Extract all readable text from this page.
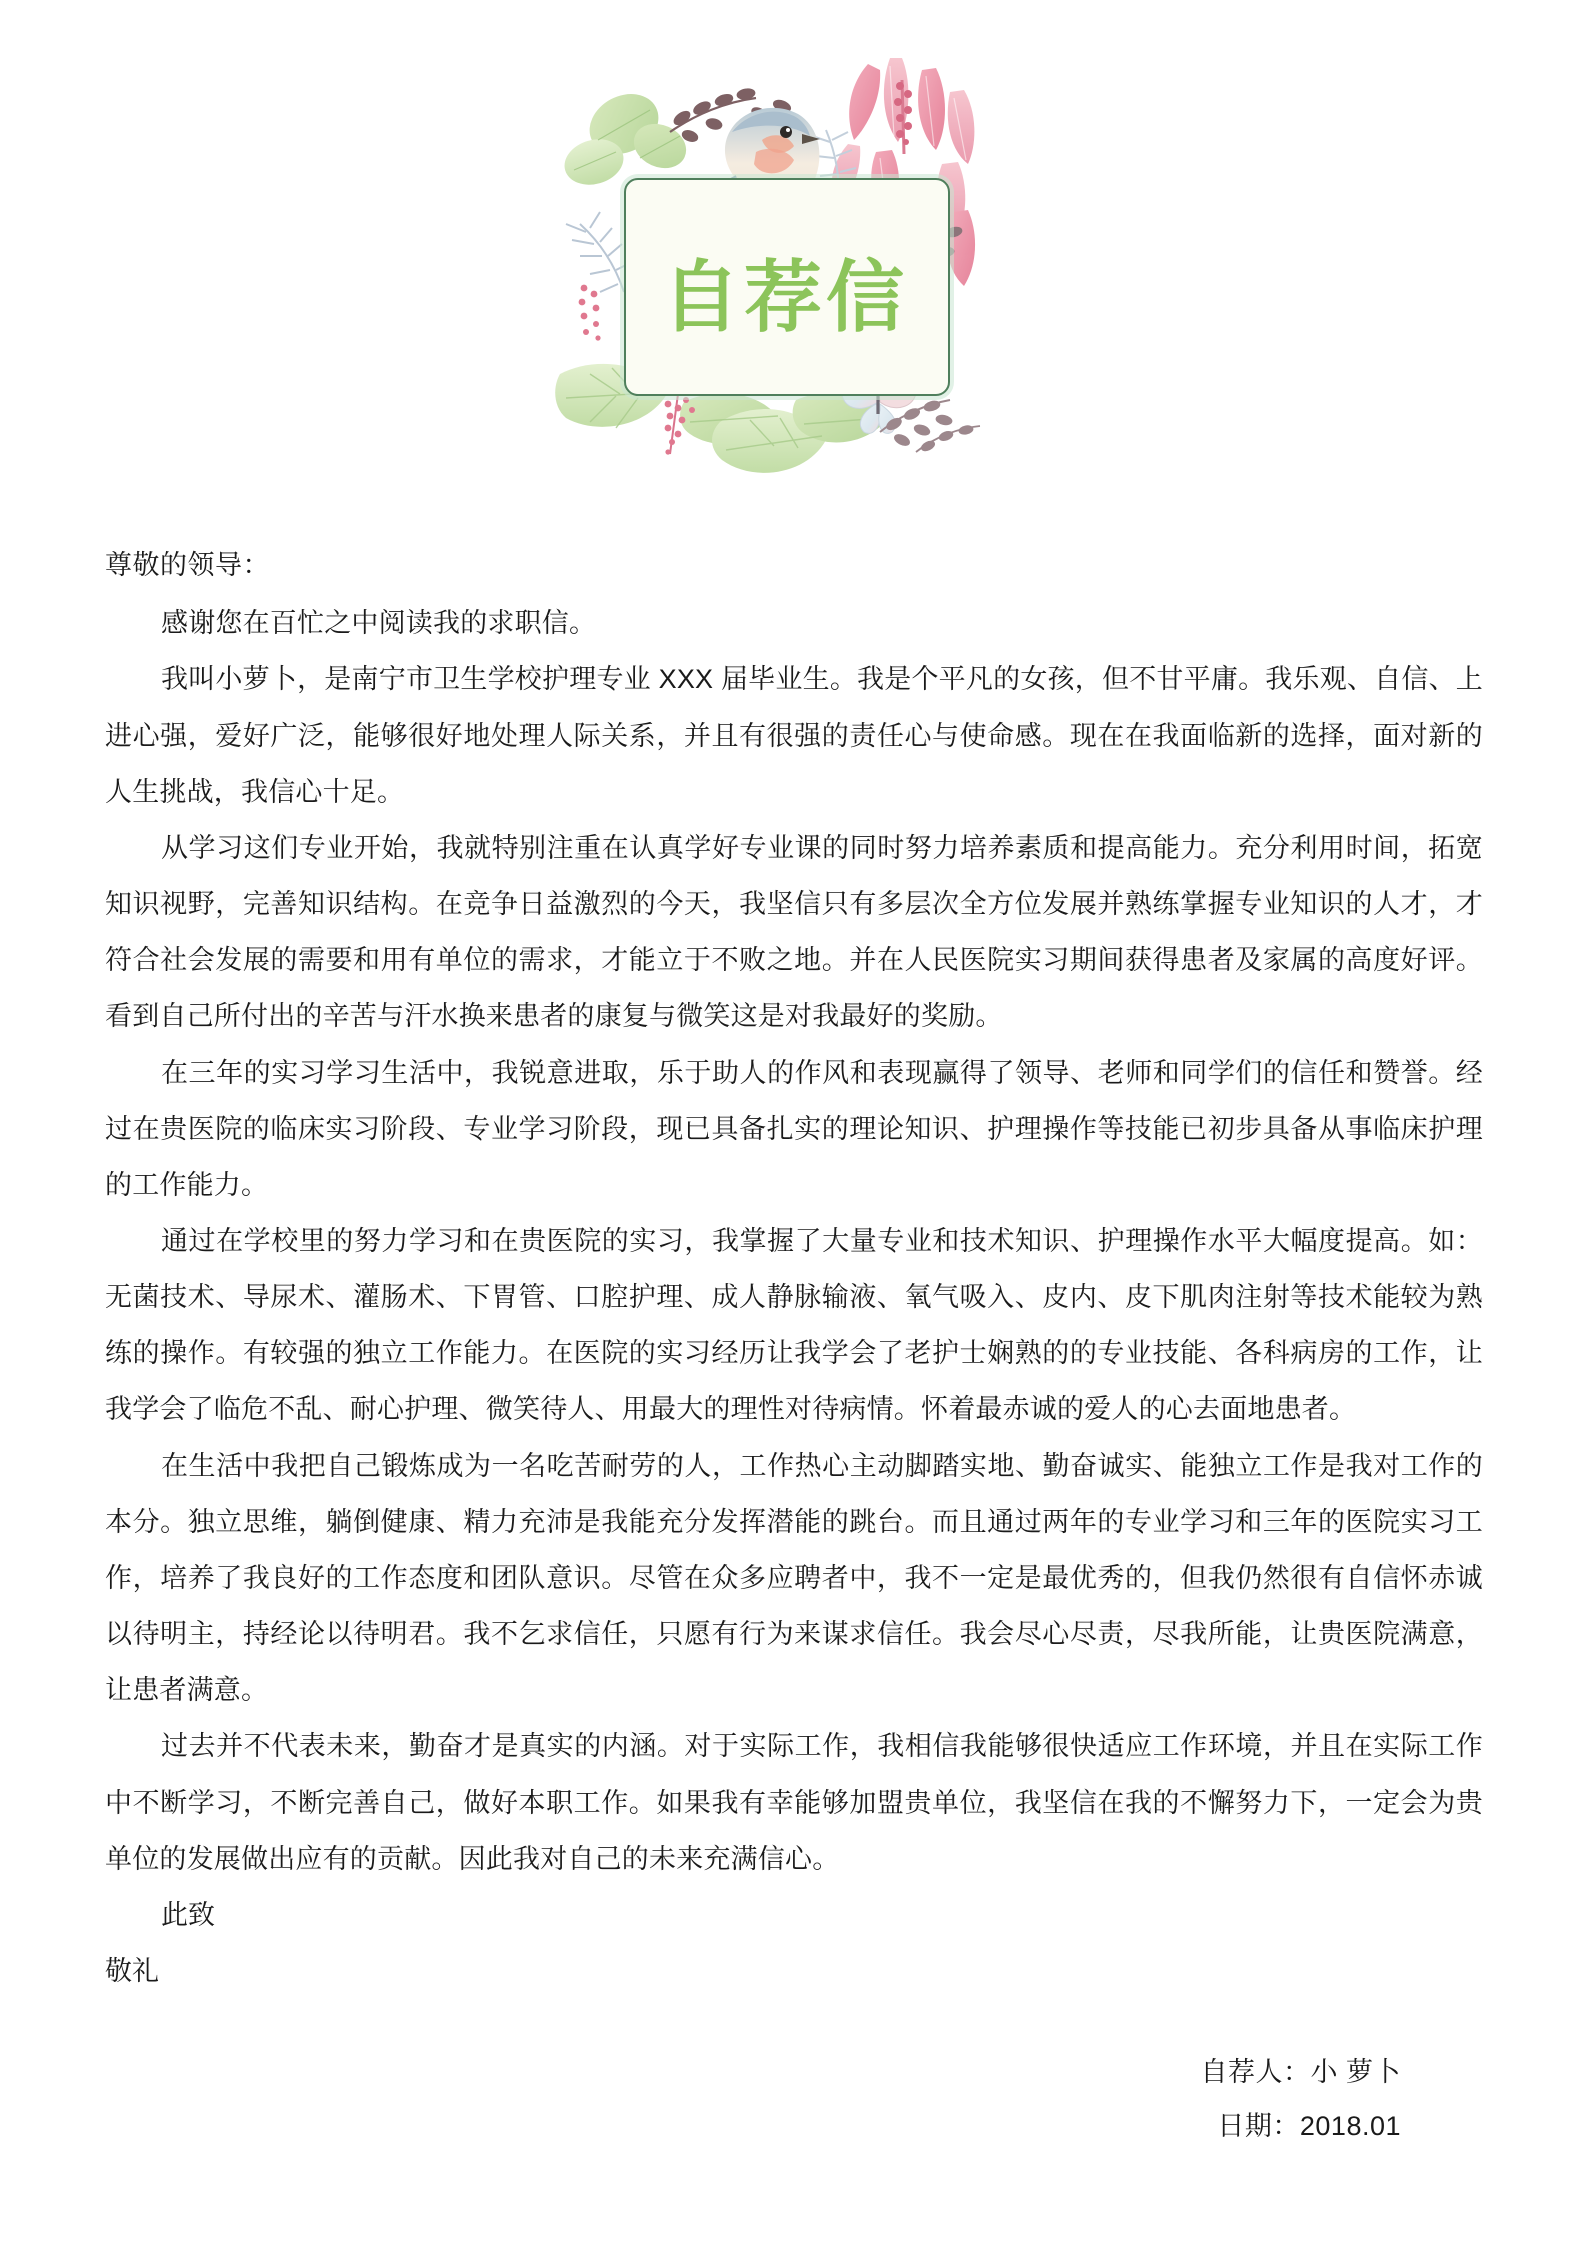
自荐信

尊敬的领导：

感谢您在百忙之中阅读我的求职信。

我叫小萝卜，是南宁市卫生学校护理专业 XXX 届毕业生。我是个平凡的女孩，但不甘平庸。我乐观、自信、上进心强，爱好广泛，能够很好地处理人际关系，并且有很强的责任心与使命感。现在在我面临新的选择，面对新的人生挑战，我信心十足。

从学习这们专业开始，我就特别注重在认真学好专业课的同时努力培养素质和提高能力。充分利用时间，拓宽知识视野，完善知识结构。在竞争日益激烈的今天，我坚信只有多层次全方位发展并熟练掌握专业知识的人才，才符合社会发展的需要和用有单位的需求，才能立于不败之地。并在人民医院实习期间获得患者及家属的高度好评。看到自己所付出的辛苦与汗水换来患者的康复与微笑这是对我最好的奖励。

在三年的实习学习生活中，我锐意进取，乐于助人的作风和表现赢得了领导、老师和同学们的信任和赞誉。经过在贵医院的临床实习阶段、专业学习阶段，现已具备扎实的理论知识、护理操作等技能已初步具备从事临床护理的工作能力。

通过在学校里的努力学习和在贵医院的实习，我掌握了大量专业和技术知识、护理操作水平大幅度提高。如：无菌技术、导尿术、灌肠术、下胃管、口腔护理、成人静脉输液、氧气吸入、皮内、皮下肌肉注射等技术能较为熟练的操作。有较强的独立工作能力。在医院的实习经历让我学会了老护士娴熟的的专业技能、各科病房的工作，让我学会了临危不乱、耐心护理、微笑待人、用最大的理性对待病情。怀着最赤诚的爱人的心去面地患者。

在生活中我把自己锻炼成为一名吃苦耐劳的人，工作热心主动脚踏实地、勤奋诚实、能独立工作是我对工作的本分。独立思维，躺倒健康、精力充沛是我能充分发挥潜能的跳台。而且通过两年的专业学习和三年的医院实习工作，培养了我良好的工作态度和团队意识。尽管在众多应聘者中，我不一定是最优秀的，但我仍然很有自信怀赤诚以待明主，持经论以待明君。我不乞求信任，只愿有行为来谋求信任。我会尽心尽责，尽我所能，让贵医院满意，让患者满意。

过去并不代表未来，勤奋才是真实的内涵。对于实际工作，我相信我能够很快适应工作环境，并且在实际工作中不断学习，不断完善自己，做好本职工作。如果我有幸能够加盟贵单位，我坚信在我的不懈努力下，一定会为贵单位的发展做出应有的贡献。因此我对自己的未来充满信心。

此致

敬礼

自荐人：小 萝卜

日期：2018.01
